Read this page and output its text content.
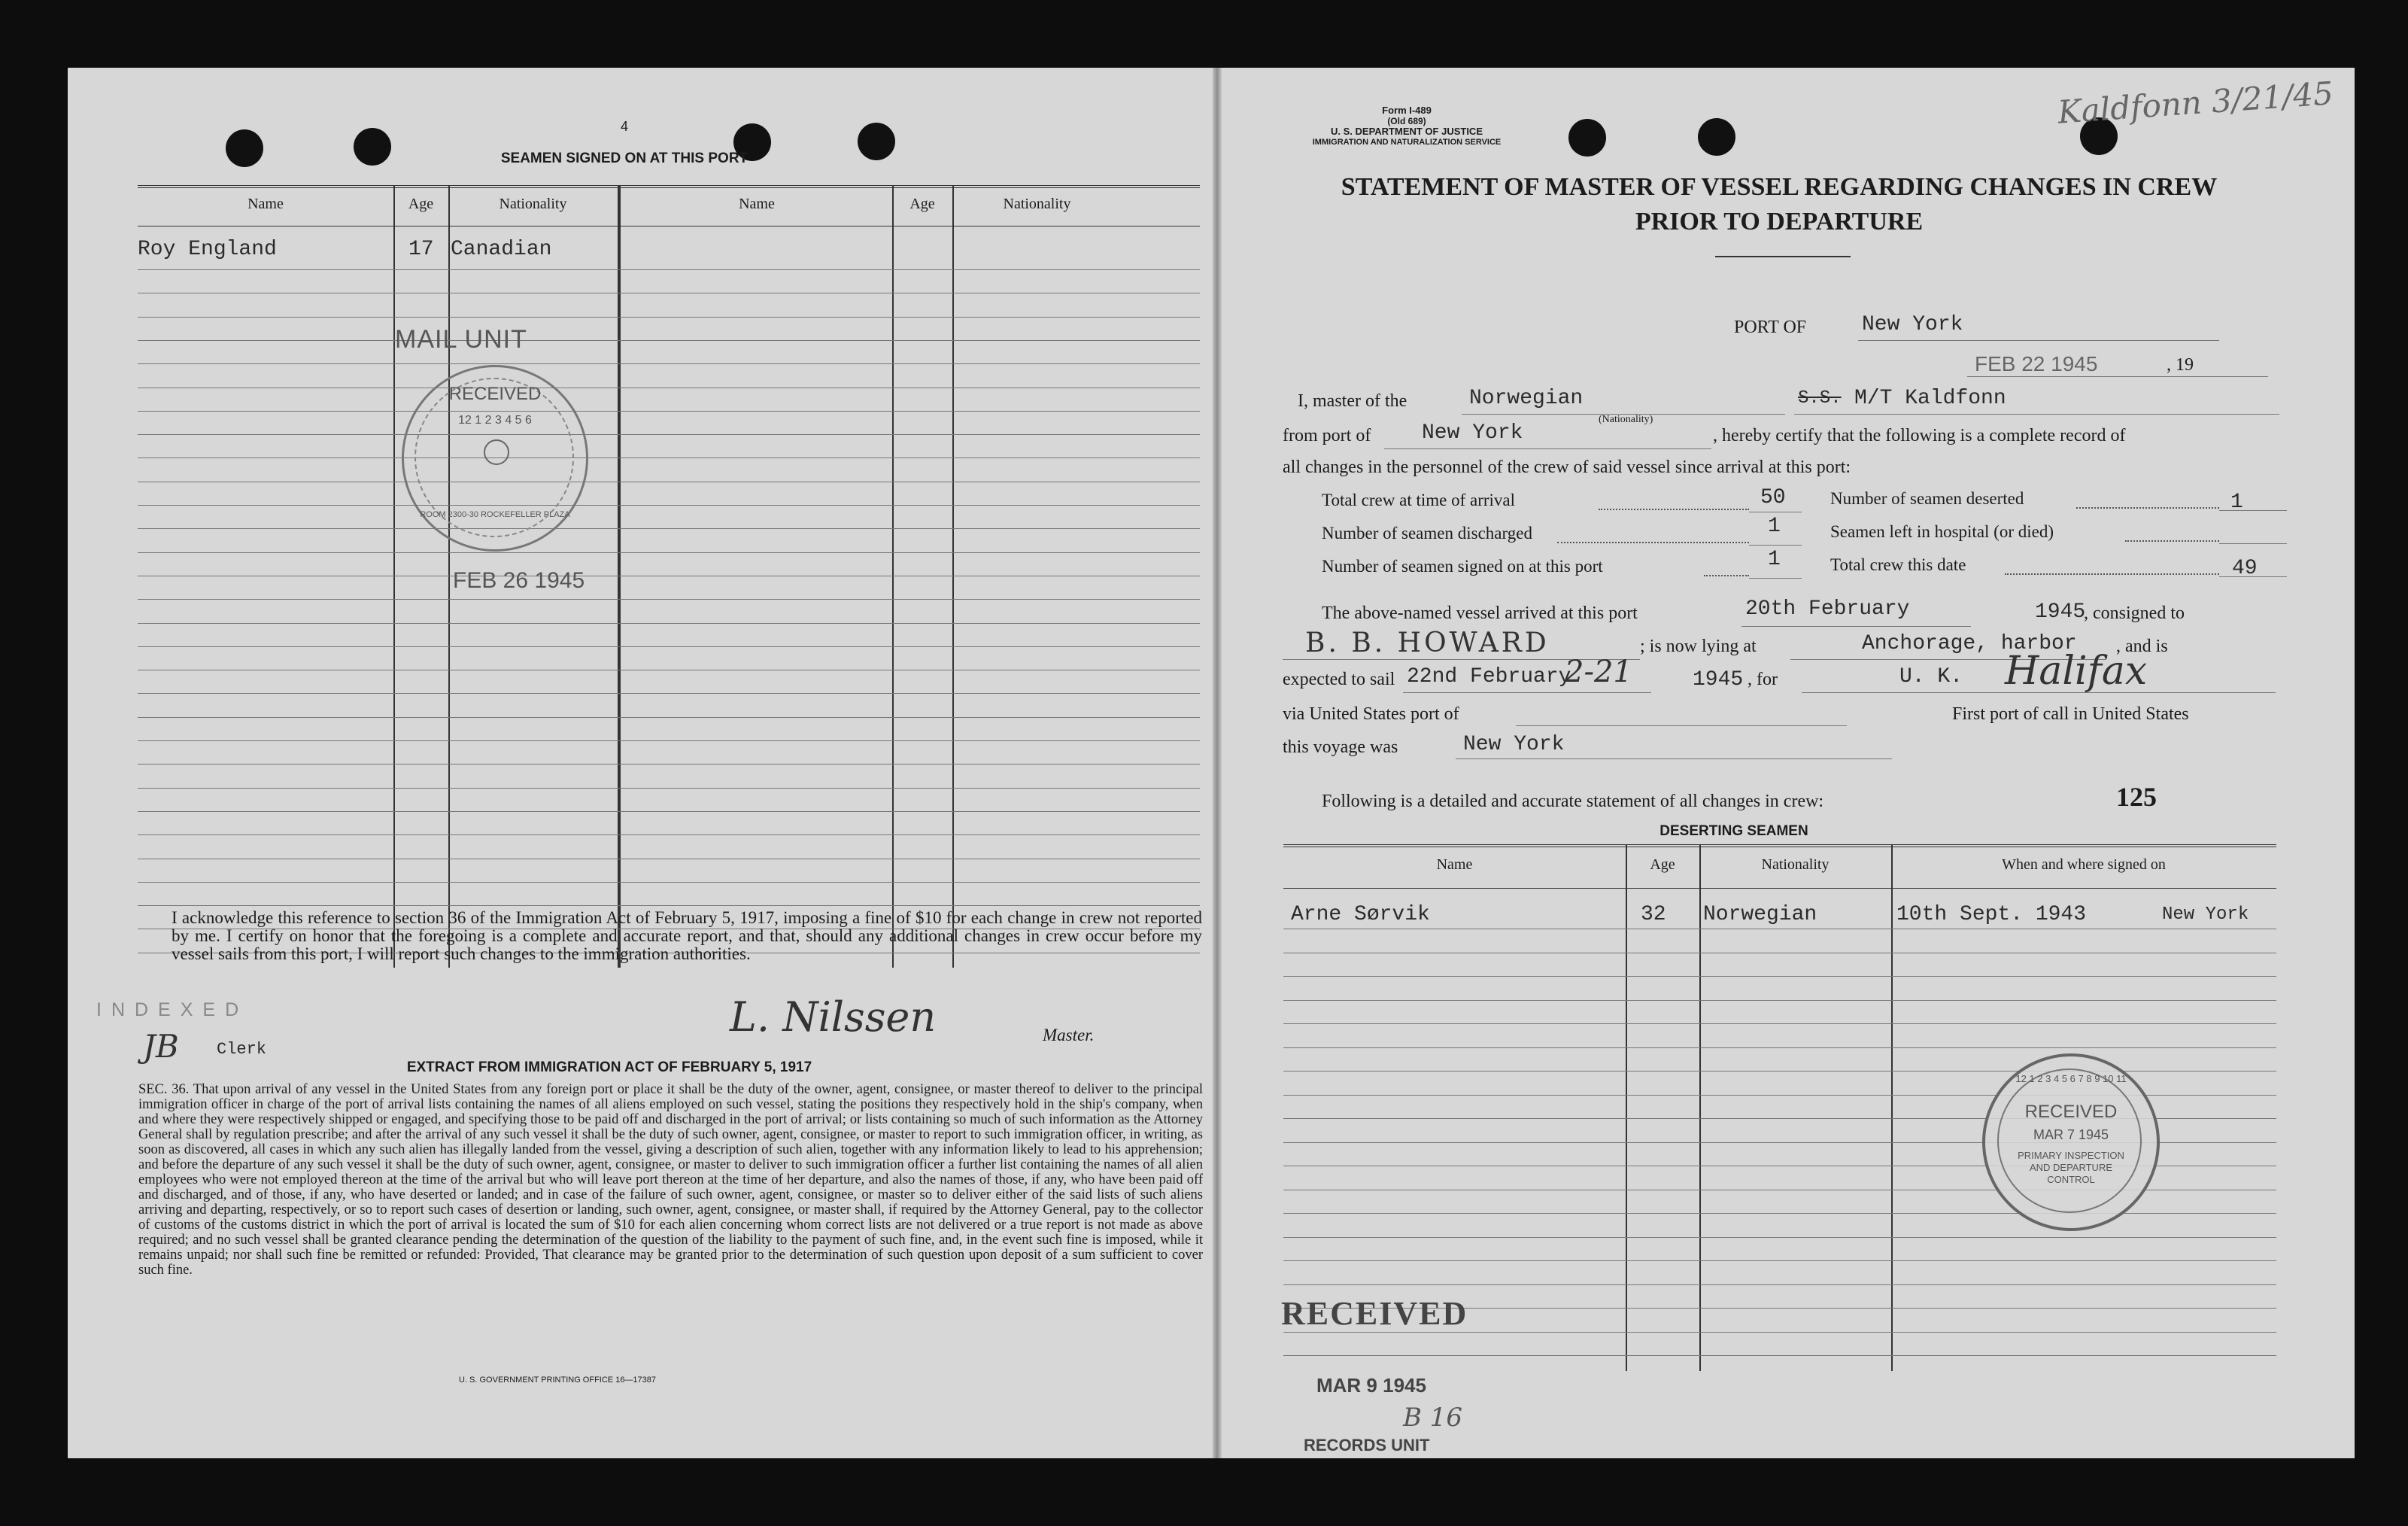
4
SEAMEN SIGNED ON AT THIS PORT
Name	Age	Nationality	Name	Age	Nationality
Roy England	17 Canadian
MAIL UNIT
RECEIVED
12 1 2 3 4 5 6
ROOM 2300-30 ROCKEFELLER PLAZA
FEB 26 1945
I acknowledge this reference to section 36 of the Immigration Act of February 5, 1917, imposing a fine of $10 for each change in crew not reported by me. I certify on honor that the foregoing is a complete and accurate report, and that, should any additional changes in crew occur before my vessel sails from this port, I will report such changes to the immigration authorities.
INDEXED
JB Clerk
L. Nilssen	Master.
EXTRACT FROM IMMIGRATION ACT OF FEBRUARY 5, 1917
SEC. 36. That upon arrival of any vessel in the United States from any foreign port or place it shall be the duty of the owner, agent, consignee, or master thereof to deliver to the principal immigration officer in charge of the port of arrival lists containing the names of all aliens employed on such vessel, stating the positions they respectively hold in the ship's company, when and where they were respectively shipped or engaged, and specifying those to be paid off and discharged in the port of arrival; or lists containing so much of such information as the Attorney General shall by regulation prescribe; and after the arrival of any such vessel it shall be the duty of such owner, agent, consignee, or master to report to such immigration officer, in writing, as soon as discovered, all cases in which any such alien has illegally landed from the vessel, giving a description of such alien, together with any information likely to lead to his apprehension; and before the departure of any such vessel it shall be the duty of such owner, agent, consignee, or master to deliver to such immigration officer a further list containing the names of all alien employees who were not employed thereon at the time of the arrival but who will leave port thereon at the time of her departure, and also the names of those, if any, who have been paid off and discharged, and of those, if any, who have deserted or landed; and in case of the failure of such owner, agent, consignee, or master so to deliver either of the said lists of such aliens arriving and departing, respectively, or so to report such cases of desertion or landing, such owner, agent, consignee, or master shall, if required by the Attorney General, pay to the collector of customs of the customs district in which the port of arrival is located the sum of $10 for each alien concerning whom correct lists are not delivered or a true report is not made as above required; and no such vessel shall be granted clearance pending the determination of the question of the liability to the payment of such fine, and, in the event such fine is imposed, while it remains unpaid; nor shall such fine be remitted or refunded: Provided, That clearance may be granted prior to the determination of such question upon deposit of a sum sufficient to cover such fine.
U. S. GOVERNMENT PRINTING OFFICE 16—17387
Form I-489
(Old 689)
U. S. DEPARTMENT OF JUSTICE
IMMIGRATION AND NATURALIZATION SERVICE
Kaldfonn 3/21/45
STATEMENT OF MASTER OF VESSEL REGARDING CHANGES IN CREW
PRIOR TO DEPARTURE
PORT OF	New York
FEB 22 1945	, 19
I, master of the	Norwegian
(Nationality)
S.S. M/T Kaldfonn
from port of New York	, hereby certify that the following is a complete record of
all changes in the personnel of the crew of said vessel since arrival at this port:
Total crew at time of arrival	50
Number of seamen discharged	1
Number of seamen signed on at this port	1
Number of seamen deserted	1
Seamen left in hospital (or died)
Total crew this date	49
The above-named vessel arrived at this port	20th February	1945
, consigned to
B. B. HOWARD	; is now lying at	Anchorage, harbor , and is
expected to sail 22nd February
2-21	1945 , for	U. K. Halifax
via United States port of	First port of call in United States
this voyage was	New York
Following is a detailed and accurate statement of all changes in crew:	125
DESERTING SEAMEN
Name	Age	Nationality	When and where signed on
Arne Sørvik	32 Norwegian	10th Sept. 1943	New York
12 1 2 3 4 5 6 7 8 9 10 11
RECEIVED
MAR 7 1945
PRIMARY INSPECTION AND DEPARTURE CONTROL
RECEIVED
MAR 9 1945
RECORDS UNIT
B 16
